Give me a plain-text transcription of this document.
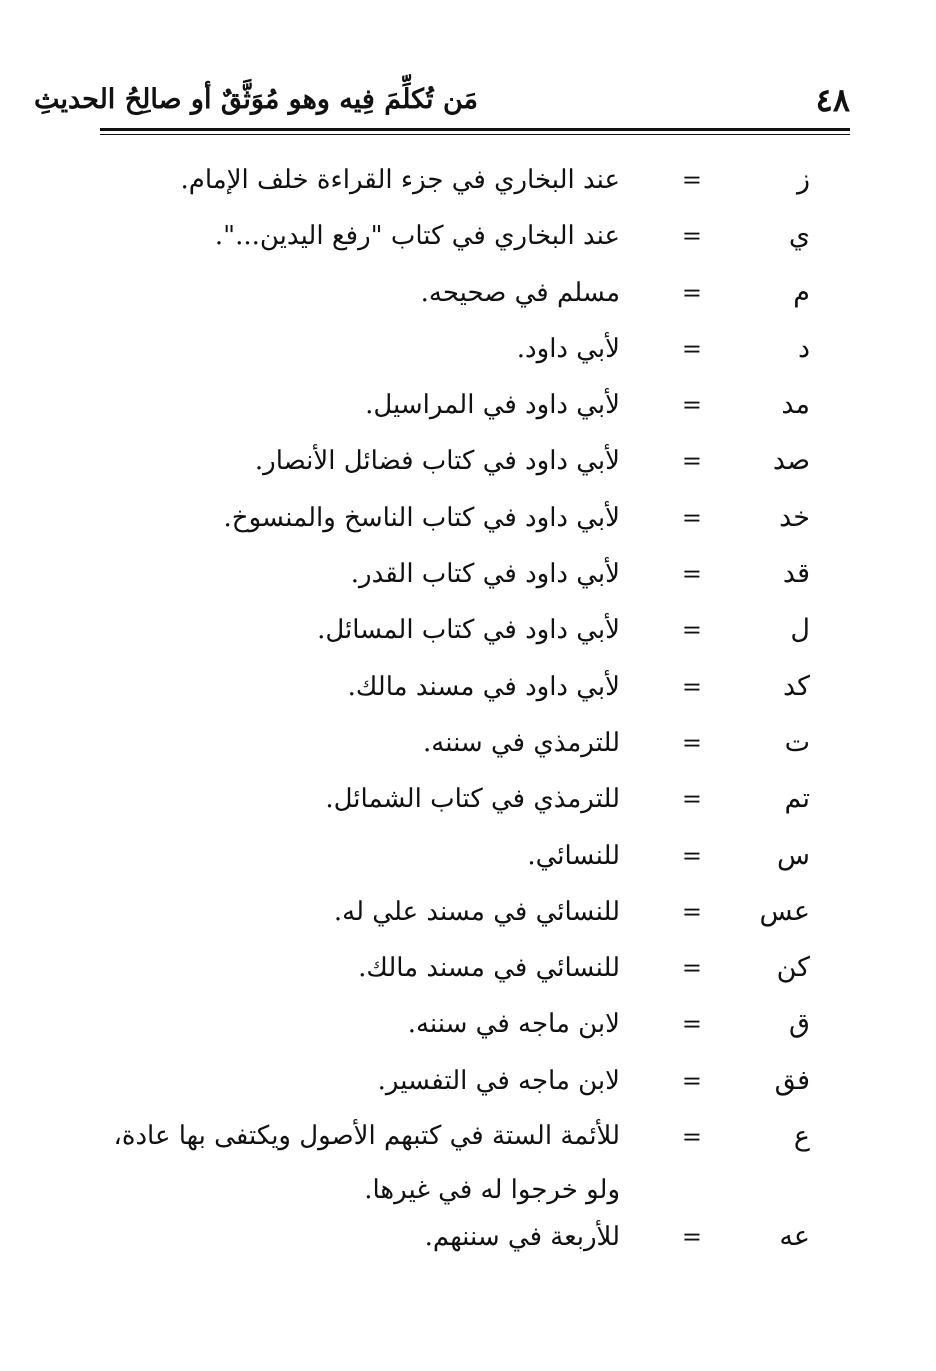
٤٨
مَن تُكلِّمَ فِيه وهو مُوَثَّقٌ أو صالِحُ الحديثِ
ز
=
عند البخاري في جزء القراءة خلف الإمام.
ي
=
عند البخاري في كتاب "رفع اليدين...".
م
=
مسلم في صحيحه.
د
=
لأبي داود.
مد
=
لأبي داود في المراسيل.
صد
=
لأبي داود في كتاب فضائل الأنصار.
خد
=
لأبي داود في كتاب الناسخ والمنسوخ.
قد
=
لأبي داود في كتاب القدر.
ل
=
لأبي داود في كتاب المسائل.
كد
=
لأبي داود في مسند مالك.
ت
=
للترمذي في سننه.
تم
=
للترمذي في كتاب الشمائل.
س
=
للنسائي.
عس
=
للنسائي في مسند علي له.
كن
=
للنسائي في مسند مالك.
ق
=
لابن ماجه في سننه.
فق
=
لابن ماجه في التفسير.
ع
=
للأئمة الستة في كتبهم الأصول ويكتفى بها عادة، ولو خرجوا له في غيرها.
عه
=
للأربعة في سننهم.
